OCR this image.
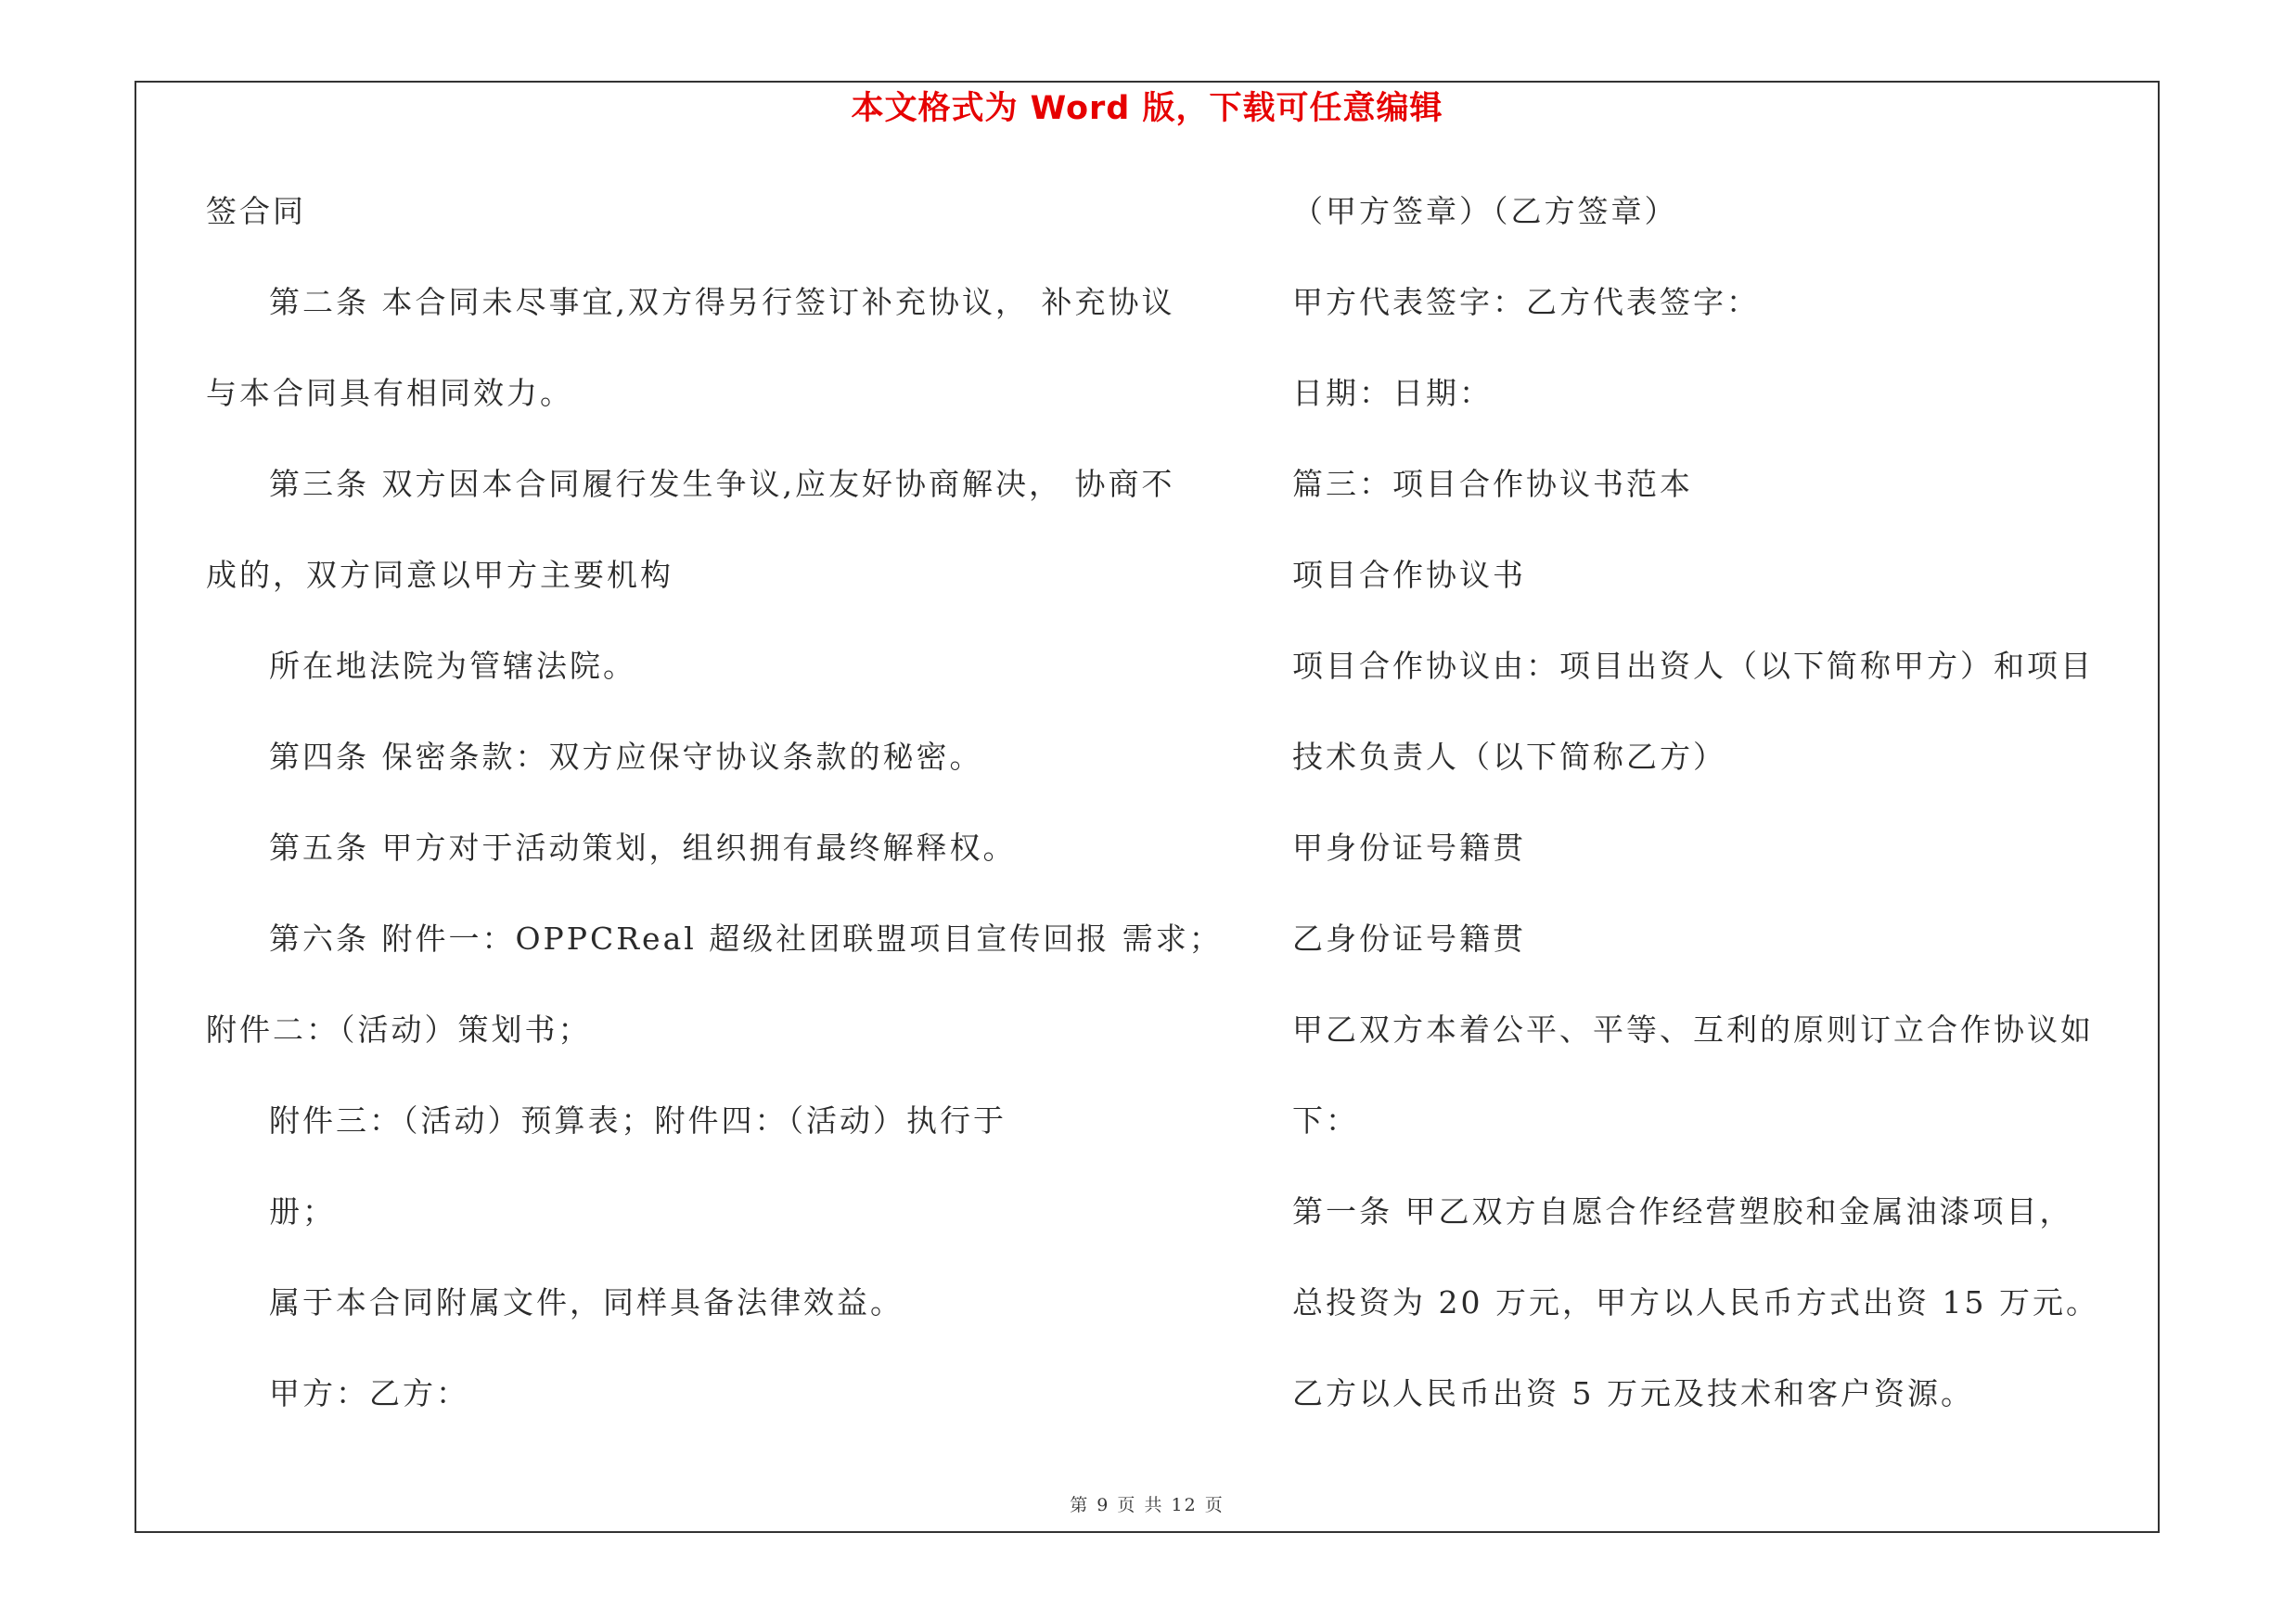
本文格式为 Word 版，下载可任意编辑
签合同
第二条 本合同未尽事宜,双方得另行签订补充协议， 补充协议
与本合同具有相同效力。
第三条 双方因本合同履行发生争议,应友好协商解决， 协商不
成的，双方同意以甲方主要机构
所在地法院为管辖法院。
第四条 保密条款：双方应保守协议条款的秘密。
第五条 甲方对于活动策划，组织拥有最终解释权。
第六条 附件一：OPPCReal 超级社团联盟项目宣传回报 需求；
附件二：（活动）策划书；
附件三：（活动）预算表；附件四：（活动）执行于
册；
属于本合同附属文件，同样具备法律效益。
甲方：乙方：
（甲方签章）（乙方签章）
甲方代表签字：乙方代表签字：
日期：日期：
篇三：项目合作协议书范本
项目合作协议书
项目合作协议由：项目出资人（以下简称甲方）和项目
技术负责人（以下简称乙方）
甲身份证号籍贯
乙身份证号籍贯
甲乙双方本着公平、平等、互利的原则订立合作协议如
下：
第一条 甲乙双方自愿合作经营塑胶和金属油漆项目，
总投资为 20 万元，甲方以人民币方式出资 15 万元。
乙方以人民币出资 5 万元及技术和客户资源。
第 9 页 共 12 页
